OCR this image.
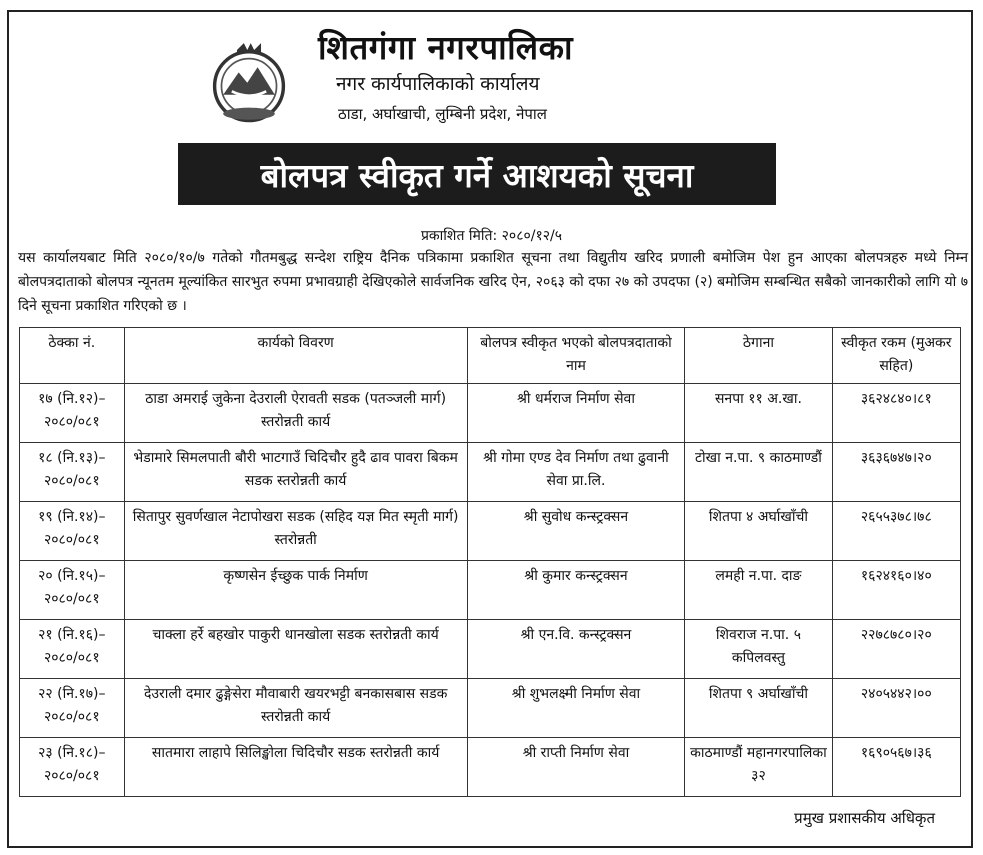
शितगंगा नगरपालिका
नगर कार्यपालिकाको कार्यालय
ठाडा, अर्घाखाची, लुम्बिनी प्रदेश, नेपाल
बोलपत्र स्वीकृत गर्ने आशयको सूचना
प्रकाशित मिति: २०८०/१२/५
यस कार्यालयबाट मिति २०८०/१०/७ गतेको गौतमबुद्ध सन्देश राष्ट्रिय दैनिक पत्रिकामा प्रकाशित सूचना तथा विद्युतीय खरिद प्रणाली बमोजिम पेश हुन आएका बोलपत्रहरु मध्ये निम्न बोलपत्रदाताको बोलपत्र न्यूनतम मूल्यांकित सारभुत रुपमा प्रभावग्राही देखिएकोले सार्वजनिक खरिद ऐन, २०६३ को दफा २७ को उपदफा (२) बमोजिम सम्बन्धित सबैको जानकारीको लागि यो ७ दिने सूचना प्रकाशित गरिएको छ ।
ठेक्का नं.	कार्यको विवरण	बोलपत्र स्वीकृत भएको बोलपत्रदाताको नाम	ठेगाना	स्वीकृत रकम (मुअकर सहित)
१७ (नि.१२)– २०८०/०८१	ठाडा अमराई जुकेना देउराली ऐरावती सडक (पतञ्जली मार्ग) स्तरोन्नती कार्य	श्री धर्मराज निर्माण सेवा	सनपा ११ अ.खा.	३६२४८४०।८१
१८ (नि.१३)– २०८०/०८१	भेडामारे सिमलपाती बौरी भाटगाउँ चिदिचौर हुदै ढाव पावरा बिकम सडक स्तरोन्नती कार्य	श्री गोमा एण्ड देव निर्माण तथा ढुवानी सेवा प्रा.लि.	टोखा न.पा. ९ काठमाण्डौं	३६३६७४७।२०
१९ (नि.१४)– २०८०/०८१	सितापुर सुवर्णखाल नेटापोखरा सडक (सहिद यज्ञ मित स्मृती मार्ग) स्तरोन्नती	श्री सुवोध कन्स्ट्रक्सन	शितपा ४ अर्घाखाँची	२६५५३७८।७८
२० (नि.१५)– २०८०/०८१	कृष्णसेन ईच्छुक पार्क निर्माण	श्री कुमार कन्स्ट्रक्सन	लमही न.पा. दाङ	१६२४१६०।४०
२१ (नि.१६)– २०८०/०८१	चाक्ला हर्रे बहखोर पाकुरी धानखोला सडक स्तरोन्नती कार्य	श्री एन.वि. कन्स्ट्रक्सन	शिवराज न.पा. ५ कपिलवस्तु	२२७८७८०।२०
२२ (नि.१७)– २०८०/०८१	देउराली दमार ढुङ्गेसेरा मौवाबारी खयरभट्टी बनकासबास सडक स्तरोन्नती कार्य	श्री शुभलक्ष्मी निर्माण सेवा	शितपा ९ अर्घाखाँची	२४०५४४२।००
२३ (नि.१८)– २०८०/०८१	सातमारा लाहापे सिलिङ्खोला चिदिचौर सडक स्तरोन्नती कार्य	श्री राप्ती निर्माण सेवा	काठमाण्डौं महानगरपालिका ३२	१६९०५६७।३६
प्रमुख प्रशासकीय अधिकृत
